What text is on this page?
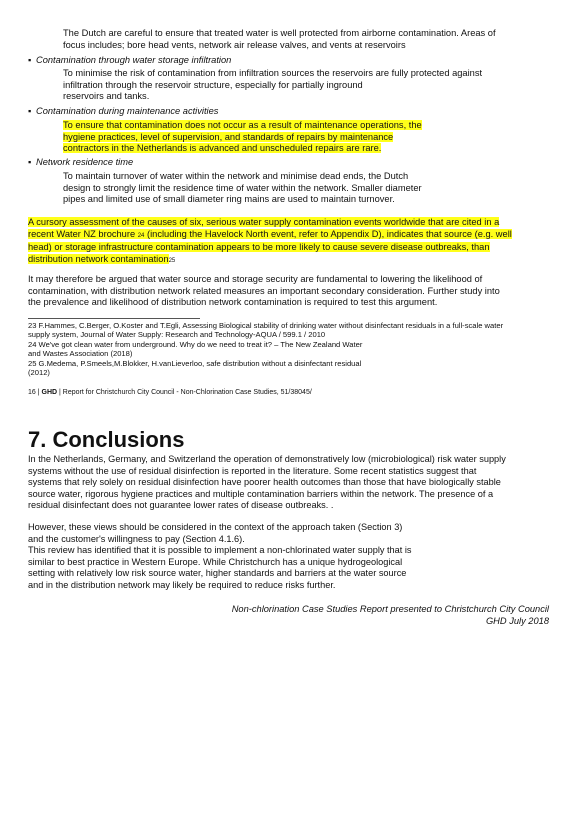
The Dutch are careful to ensure that treated water is well protected from airborne contamination. Areas of
focus includes; bore head vents, network air release valves, and vents at reservoirs

▪ Contamination through water storage infiltration

To minimise the risk of contamination from infiltration sources the reservoirs are fully protected against
infiltration through the reservoir structure, especially for partially inground
reservoirs and tanks.

▪ Contamination during maintenance activities

To ensure that contamination does not occur as a result of maintenance operations, the
hygiene practices, level of supervision, and standards of repairs by maintenance
contractors in the Netherlands is advanced and unscheduled repairs are rare.

▪ Network residence time

To maintain turnover of water within the network and minimise dead ends, the Dutch
design to strongly limit the residence time of water within the network. Smaller diameter
pipes and limited use of small diameter ring mains are used to maintain turnover.

A cursory assessment of the causes of six, serious water supply contamination events worldwide that are cited in a
recent Water NZ brochure 24 (including the Havelock North event, refer to Appendix D), indicates that source (e.g. well
head) or storage infrastructure contamination appears to be more likely to cause severe disease outbreaks, than
distribution network contamination25

It may therefore be argued that water source and storage security are fundamental to lowering the likelihood of
contamination, with distribution network related measures an important secondary consideration. Further study into
the prevalence and likelihood of distribution network contamination is required to test this argument.

23 F.Hammes, C.Berger, O.Koster and T.Egli, Assessing Biological stability of drinking water without disinfectant residuals in a full-scale water
supply system, Journal of Water Supply: Research and Technology-AQUA / 599.1 / 2010
24 We've got clean water from underground. Why do we need to treat it? – The New Zealand Water
and Wastes Association (2018)
25 G.Medema, P.Smeels,M.Blokker, H.vanLieverloo, safe distribution without a disinfectant residual
(2012)
16 | GHD | Report for Christchurch City Council - Non-Chlorination Case Studies, 51/38045/
7. Conclusions

In the Netherlands, Germany, and Switzerland the operation of demonstratively low (microbiological) risk water supply
systems without the use of residual disinfection is reported in the literature. Some recent statistics suggest that
systems that rely solely on residual disinfection have poorer health outcomes than those that have biologically stable
source water, rigorous hygiene practices and multiple contamination barriers within the network. The presence of a
residual disinfectant does not guarantee lower rates of disease outbreaks. .

However, these views should be considered in the context of the approach taken (Section 3)
and the customer's willingness to pay (Section 4.1.6).
This review has identified that it is possible to implement a non-chlorinated water supply that is
similar to best practice in Western Europe. While Christchurch has a unique hydrogeological
setting with relatively low risk source water, higher standards and barriers at the water source
and in the distribution network may likely be required to reduce risks further.

Non-chlorination Case Studies Report presented to Christchurch City Council
GHD July 2018
